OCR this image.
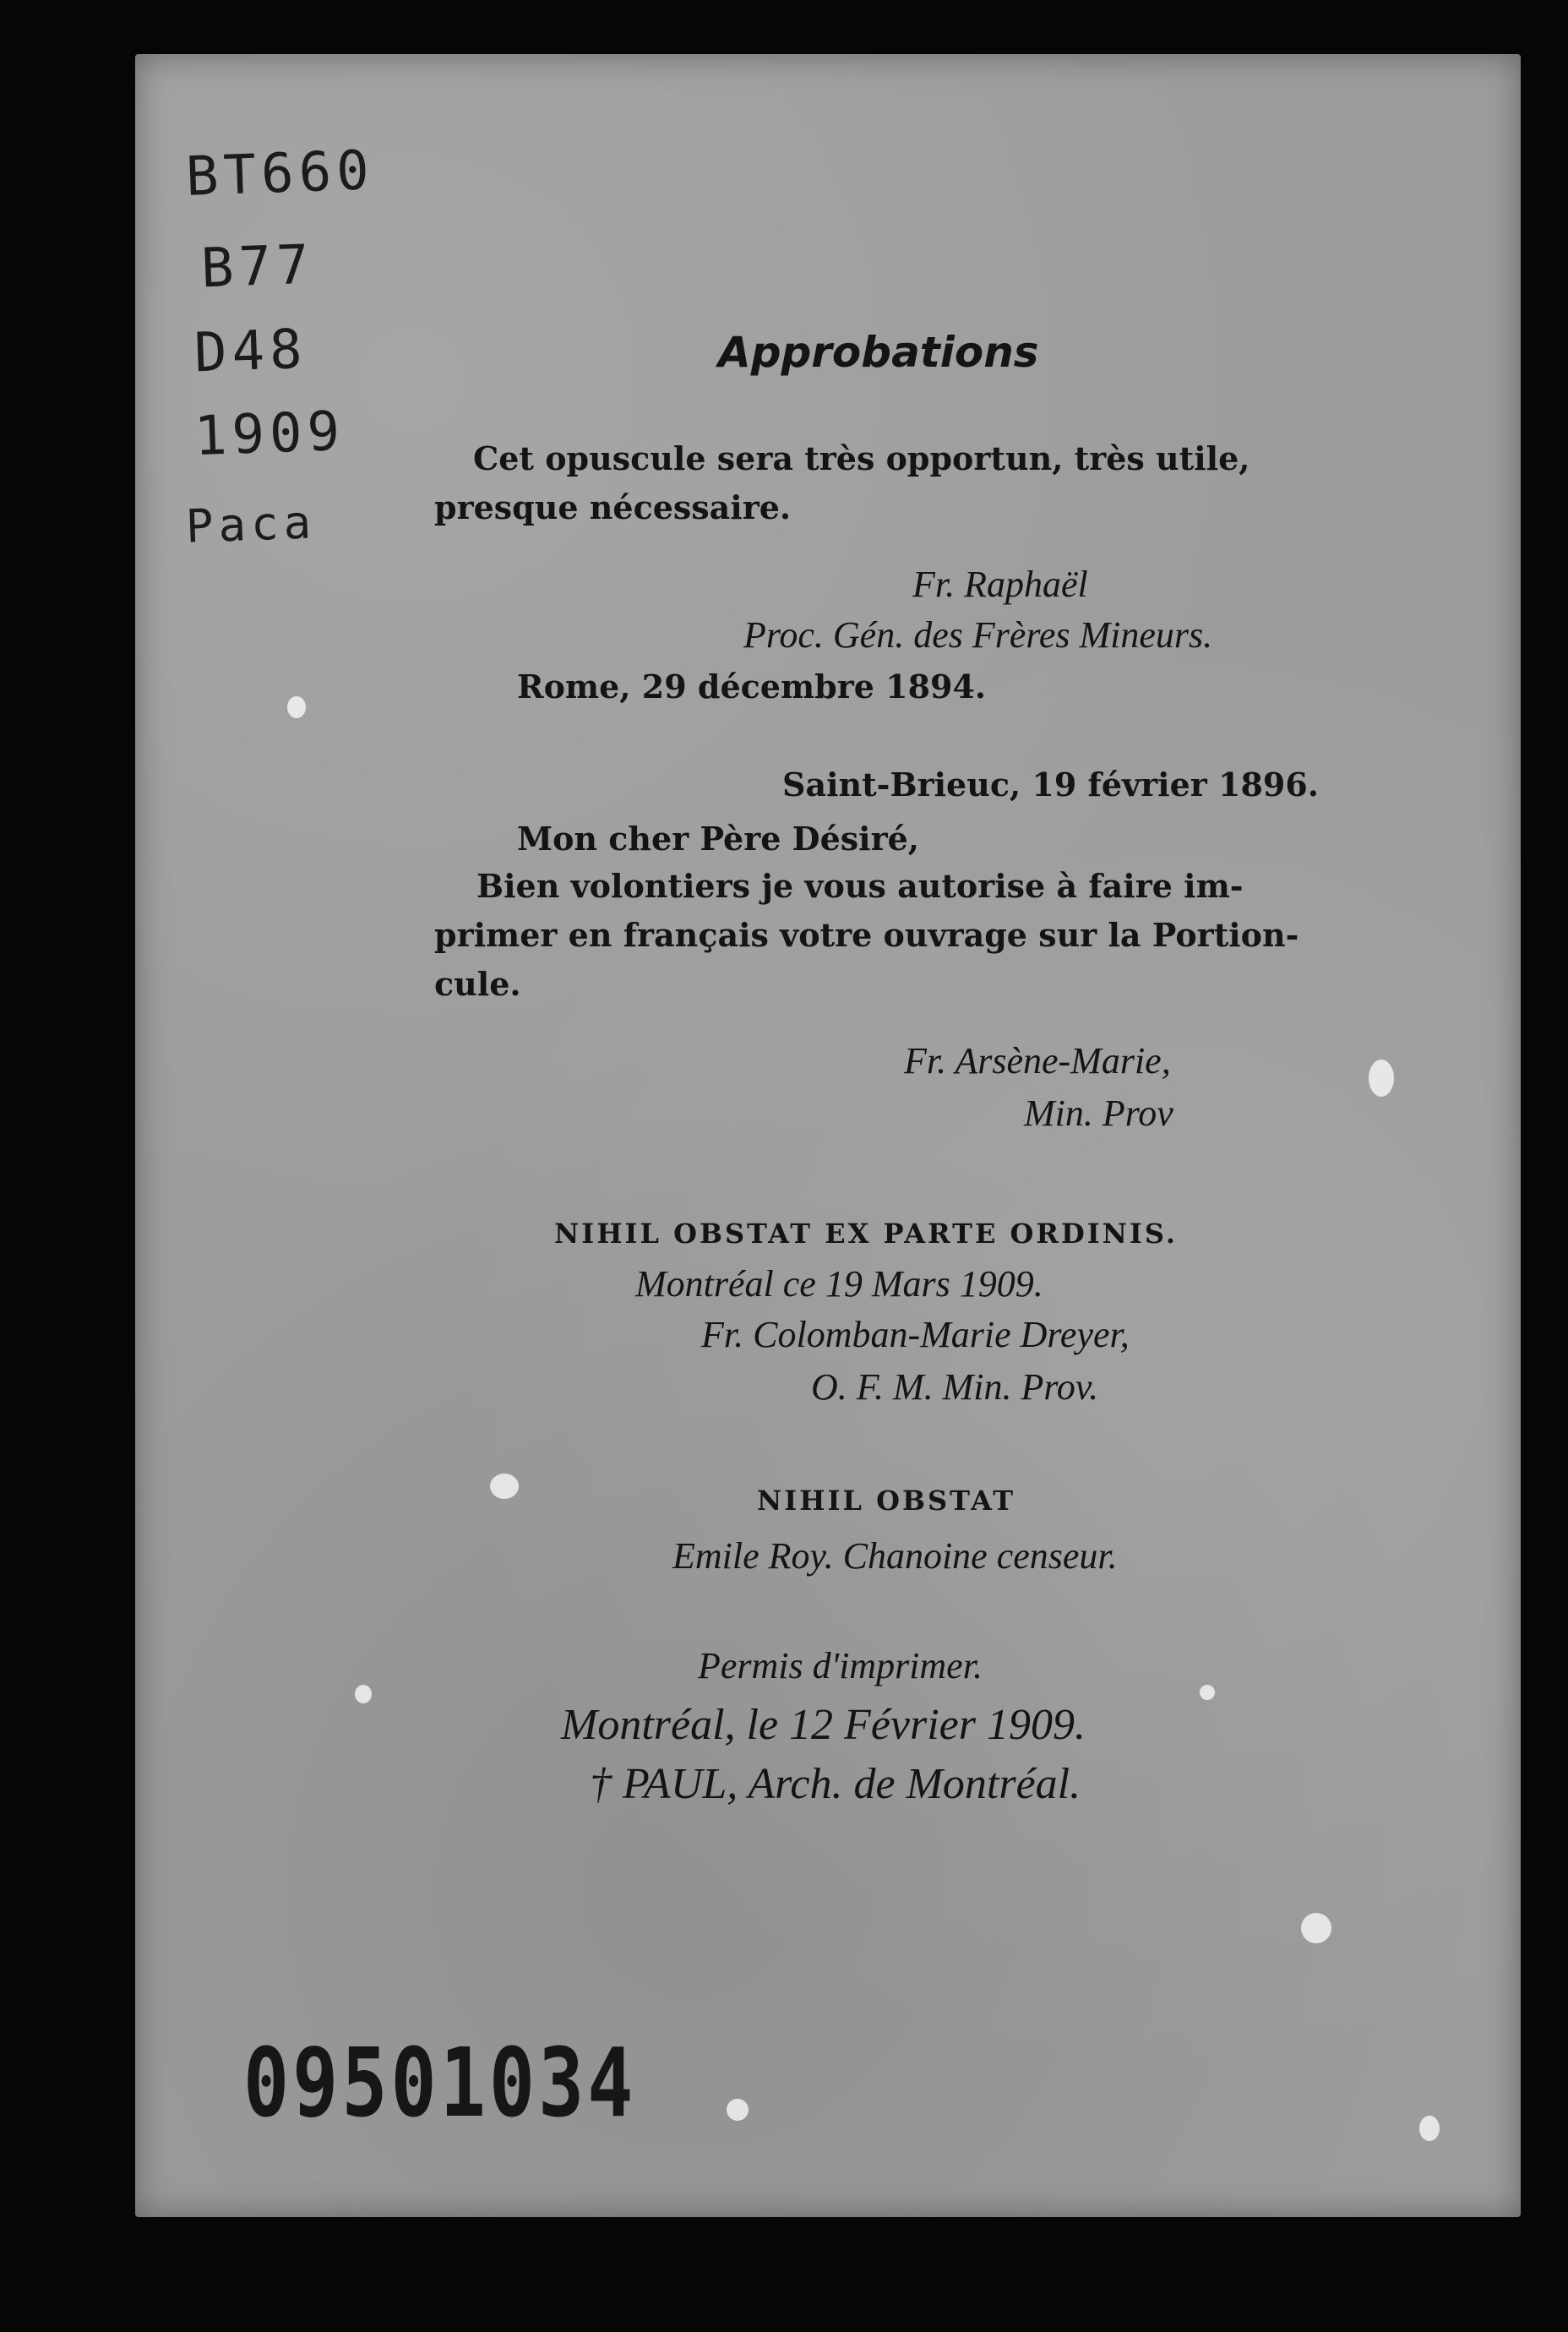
BT660
B77
D48
1909
Paca
Approbations
Cet opuscule sera très opportun, très utile,
presque nécessaire.
Fr. Raphaël
Proc. Gén. des Frères Mineurs.
Rome, 29 décembre 1894.
Saint-Brieuc, 19 février 1896.
Mon cher Père Désiré,
Bien volontiers je vous autorise à faire im-
primer en français votre ouvrage sur la Portion-
cule.
Fr. Arsène-Marie,
Min. Prov
NIHIL OBSTAT EX PARTE ORDINIS.
Montréal ce 19 Mars 1909.
Fr. Colomban-Marie Dreyer,
O. F. M. Min. Prov.
NIHIL OBSTAT
Emile Roy. Chanoine censeur.
Permis d'imprimer.
Montréal, le 12 Février 1909.
† PAUL, Arch. de Montréal.
09501034
